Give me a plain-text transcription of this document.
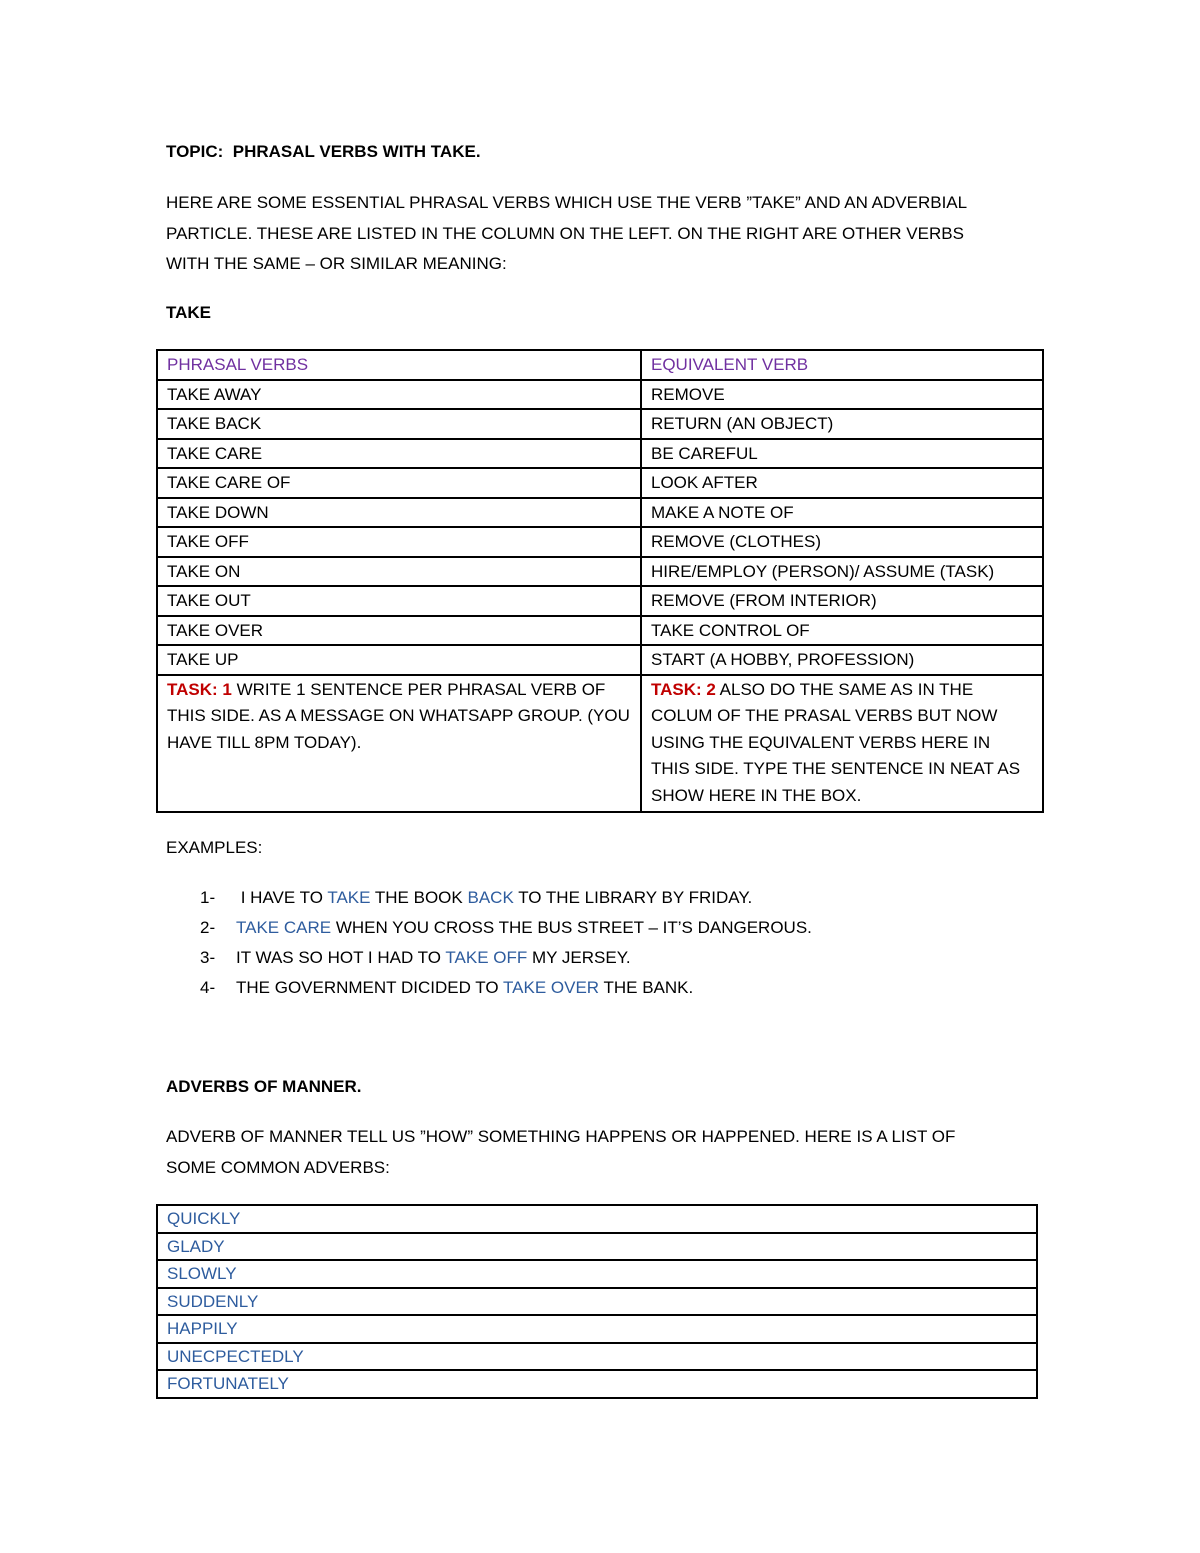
TOPIC: PHRASAL VERBS WITH TAKE.

HERE ARE SOME ESSENTIAL PHRASAL VERBS WHICH USE THE VERB ”TAKE” AND AN ADVERBIAL
PARTICLE. THESE ARE LISTED IN THE COLUMN ON THE LEFT. ON THE RIGHT ARE OTHER VERBS
WITH THE SAME – OR SIMILAR MEANING:

TAKE

PHRASAL VERBS	EQUIVALENT VERB
TAKE AWAY	REMOVE
TAKE BACK	RETURN (AN OBJECT)
TAKE CARE	BE CAREFUL
TAKE CARE OF	LOOK AFTER
TAKE DOWN	MAKE A NOTE OF
TAKE OFF	REMOVE (CLOTHES)
TAKE ON	HIRE/EMPLOY (PERSON)/ ASSUME (TASK)
TAKE OUT	REMOVE (FROM INTERIOR)
TAKE OVER	TAKE CONTROL OF
TAKE UP	START (A HOBBY, PROFESSION)
TASK: 1 WRITE 1 SENTENCE PER PHRASAL VERB OF THIS SIDE. AS A MESSAGE ON WHATSAPP GROUP. (YOU HAVE TILL 8PM TODAY).	TASK: 2 ALSO DO THE SAME AS IN THE COLUM OF THE PRASAL VERBS BUT NOW USING THE EQUIVALENT VERBS HERE IN THIS SIDE. TYPE THE SENTENCE IN NEAT AS SHOW HERE IN THE BOX.

EXAMPLES:

1- I HAVE TO TAKE THE BOOK BACK TO THE LIBRARY BY FRIDAY.
2- TAKE CARE WHEN YOU CROSS THE BUS STREET – IT’S DANGEROUS.
3- IT WAS SO HOT I HAD TO TAKE OFF MY JERSEY.
4- THE GOVERNMENT DICIDED TO TAKE OVER THE BANK.

ADVERBS OF MANNER.

ADVERB OF MANNER TELL US ”HOW” SOMETHING HAPPENS OR HAPPENED. HERE IS A LIST OF
SOME COMMON ADVERBS:
QUICKLY
GLADY
SLOWLY
SUDDENLY
HAPPILY
UNECPECTEDLY
FORTUNATELY
